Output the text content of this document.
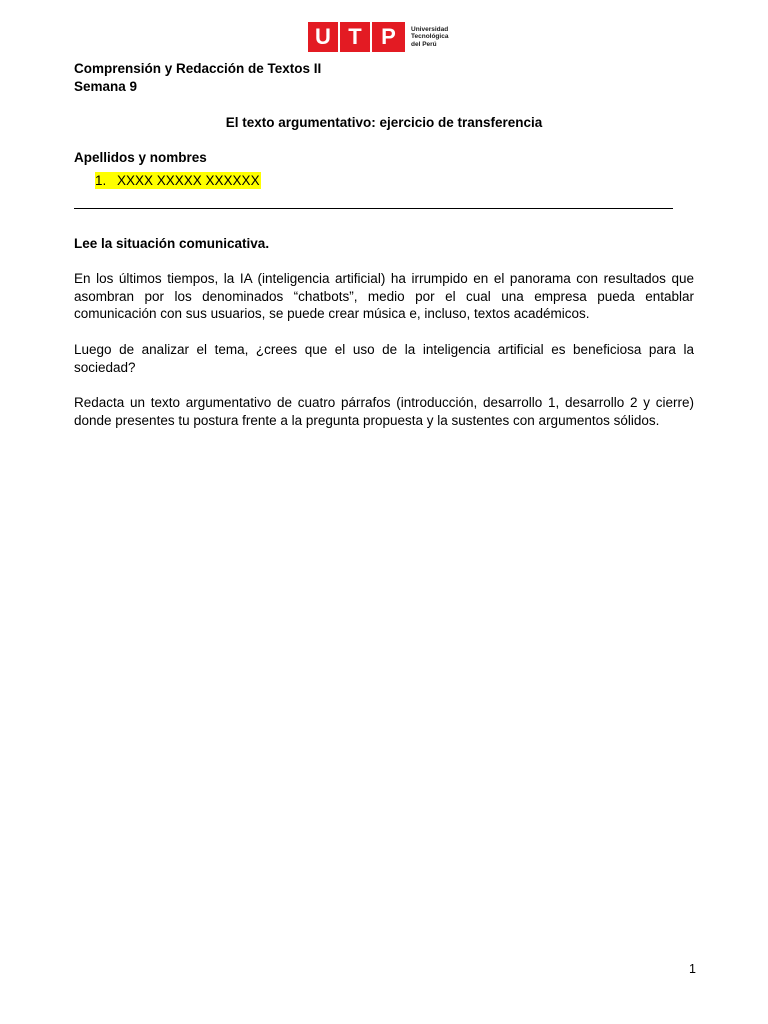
U T P	Universidad
Tecnológica
del Perú
Comprensión y Redacción de Textos II
Semana 9
El texto argumentativo: ejercicio de transferencia
Apellidos y nombres
1. XXXX XXXXX XXXXXX
Lee la situación comunicativa.
En los últimos tiempos, la IA (inteligencia artificial) ha irrumpido en el panorama con resultados que asombran por los denominados “chatbots”, medio por el cual una empresa pueda entablar comunicación con sus usuarios, se puede crear música e, incluso, textos académicos.
Luego de analizar el tema, ¿crees que el uso de la inteligencia artificial es beneficiosa para la sociedad?
Redacta un texto argumentativo de cuatro párrafos (introducción, desarrollo 1, desarrollo 2 y cierre) donde presentes tu postura frente a la pregunta propuesta y la sustentes con argumentos sólidos.
1
